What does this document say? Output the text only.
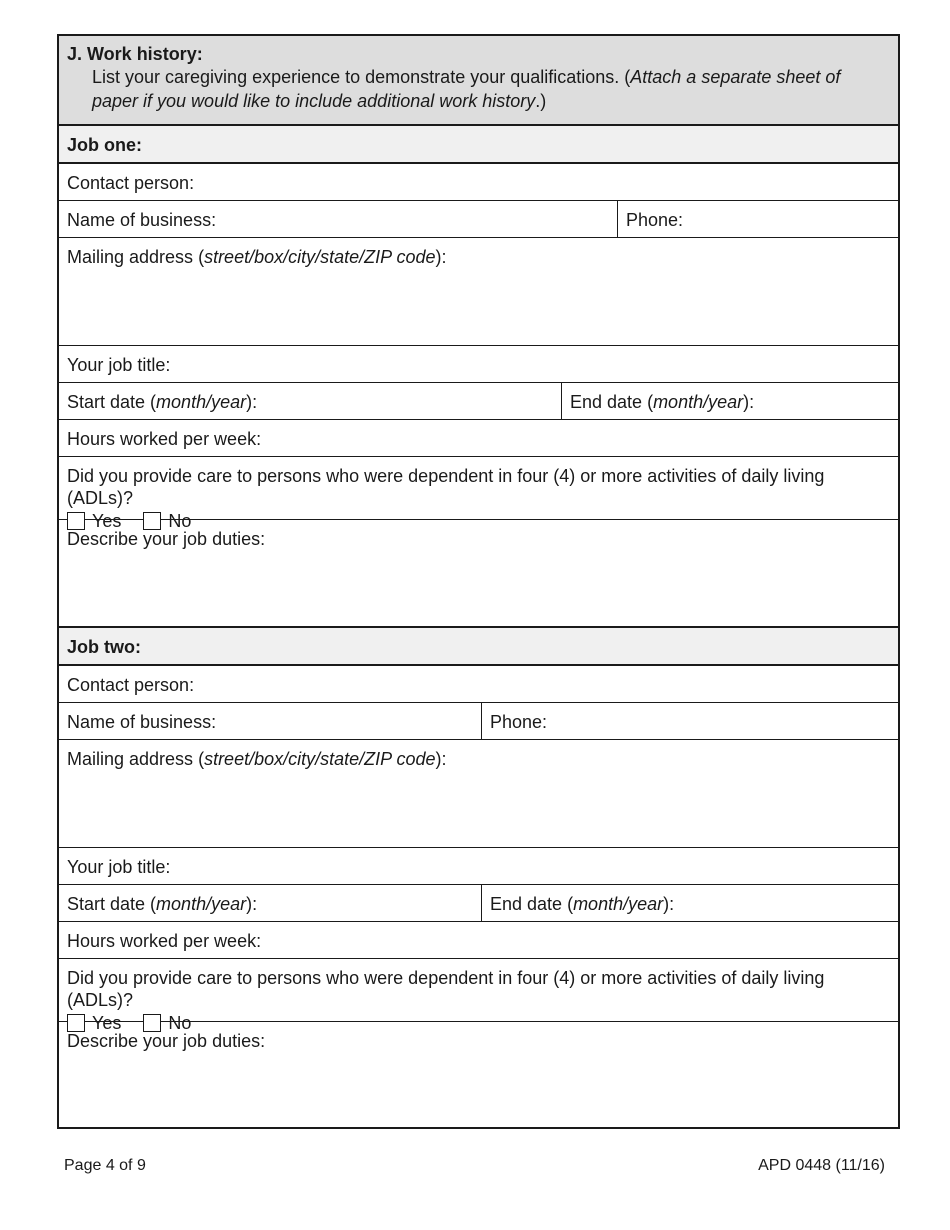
J. Work history:
List your caregiving experience to demonstrate your qualifications. (Attach a separate sheet of paper if you would like to include additional work history.)
Job one:
Contact person:
Name of business:	Phone:
Mailing address (street/box/city/state/ZIP code):
Your job title:
Start date (month/year):	End date (month/year):
Hours worked per week:
Did you provide care to persons who were dependent in four (4) or more activities of daily living (ADLs)?
Yes	No
Describe your job duties:
Job two:
Contact person:
Name of business:	Phone:
Mailing address (street/box/city/state/ZIP code):
Your job title:
Start date (month/year):	End date (month/year):
Hours worked per week:
Did you provide care to persons who were dependent in four (4) or more activities of daily living (ADLs)?
Yes	No
Describe your job duties:
Page 4 of 9	APD 0448 (11/16)
